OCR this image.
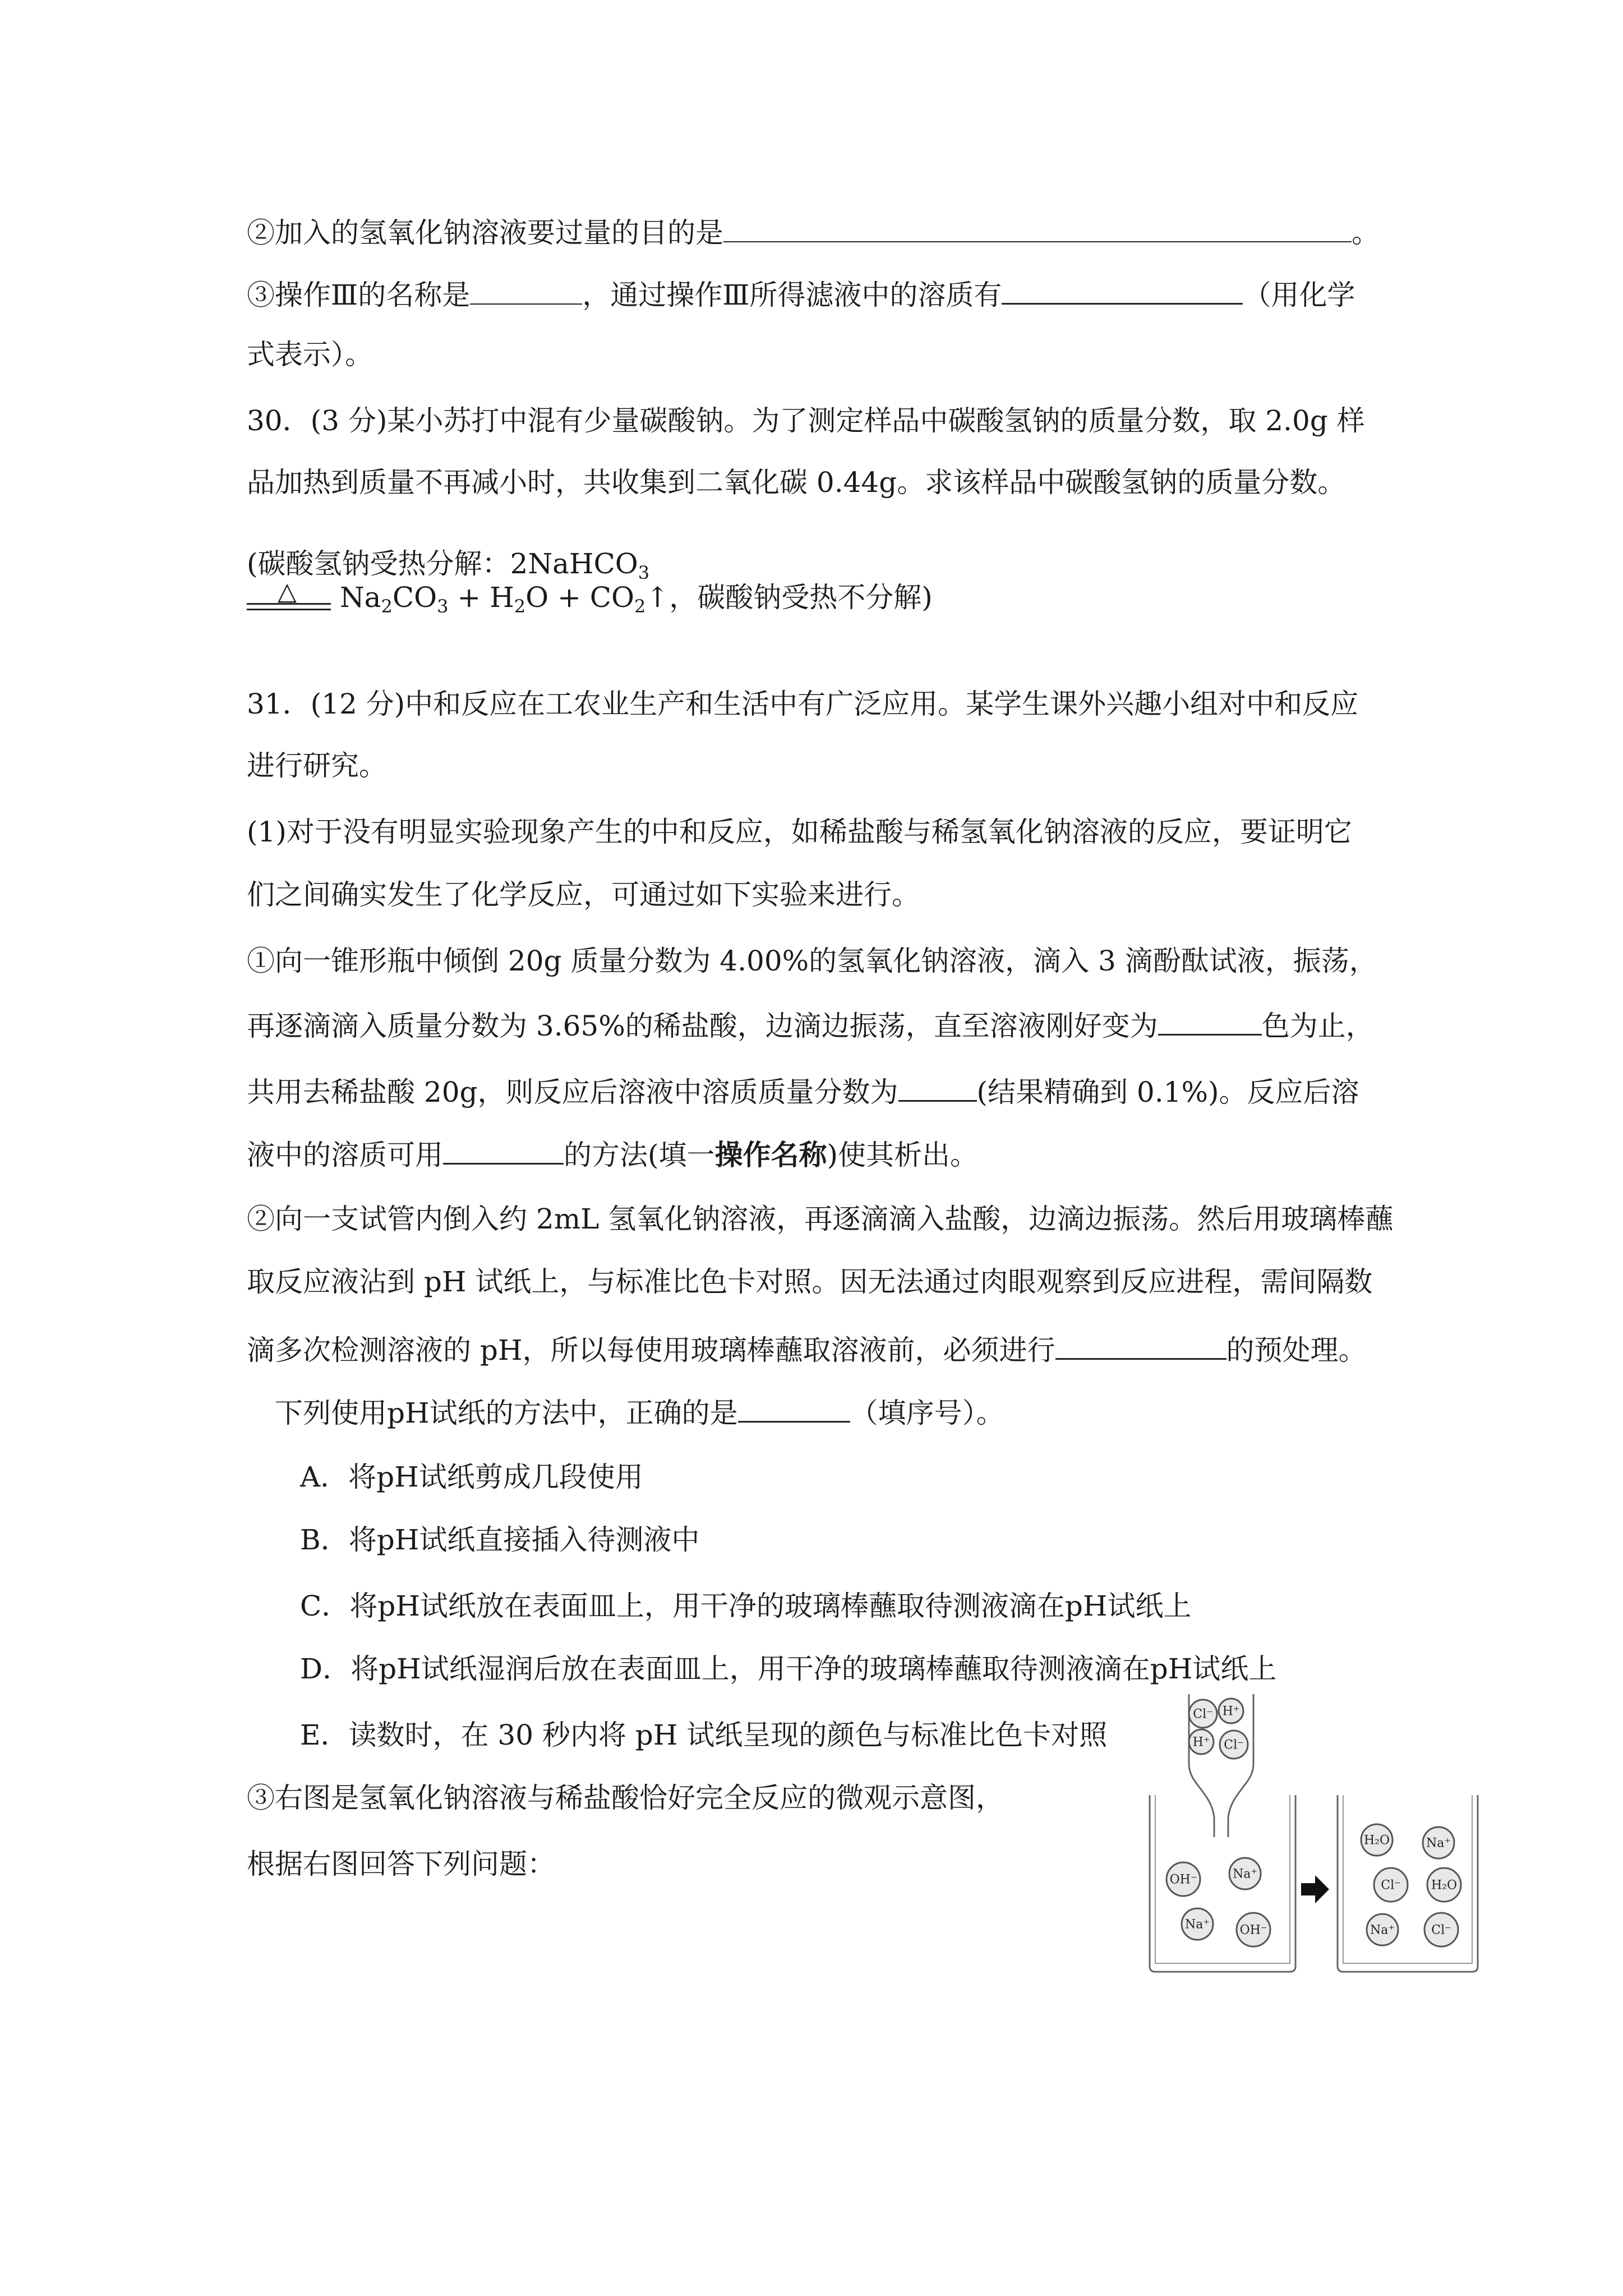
②加入的氢氧化钠溶液要过量的目的是	。
③操作Ⅲ的名称是	，通过操作Ⅲ所得滤液中的溶质有	（用化学
式表示）。
30．(3 分)某小苏打中混有少量碳酸钠。为了测定样品中碳酸氢钠的质量分数，取 2.0g 样
品加热到质量不再减小时，共收集到二氧化碳 0.44g。求该样品中碳酸氢钠的质量分数。
(碳酸氢钠受热分解：2NaHCO$_3$

△ $Na_2CO_3 + H_2O$ + $CO_2↑$，碳酸钠受热不分解)
31．(12 分)中和反应在工农业生产和生活中有广泛应用。某学生课外兴趣小组对中和反应
进行研究。
(1)对于没有明显实验现象产生的中和反应，如稀盐酸与稀氢氧化钠溶液的反应，要证明它
们之间确实发生了化学反应，可通过如下实验来进行。
①向一锥形瓶中倾倒 20g 质量分数为 4.00%的氢氧化钠溶液，滴入 3 滴酚酞试液，振荡，
再逐滴滴入质量分数为 3.65%的稀盐酸，边滴边振荡，直至溶液刚好变为	色为止，
共用去稀盐酸 20g，则反应后溶液中溶质质量分数为	(结果精确到 0.1%)。反应后溶
液中的溶质可用	的方法(填一操作名称)使其析出。
②向一支试管内倒入约 2mL 氢氧化钠溶液，再逐滴滴入盐酸，边滴边振荡。然后用玻璃棒蘸
取反应液沾到 pH 试纸上，与标准比色卡对照。因无法通过肉眼观察到反应进程，需间隔数
滴多次检测溶液的 pH，所以每使用玻璃棒蘸取溶液前，必须进行	的预处理。
下列使用pH试纸的方法中，正确的是	（填序号）。
A．将pH试纸剪成几段使用
B．将pH试纸直接插入待测液中
C．将pH试纸放在表面皿上，用干净的玻璃棒蘸取待测液滴在pH试纸上
D．将pH试纸湿润后放在表面皿上，用干净的玻璃棒蘸取待测液滴在pH试纸上
E．读数时，在 30 秒内将 pH 试纸呈现的颜色与标准比色卡对照
③右图是氢氧化钠溶液与稀盐酸恰好完全反应的微观示意图，
根据右图回答下列问题：
Cl⁻ H⁺
H⁺ Cl⁻
OH⁻	Na⁺
Na⁺ OH⁻
H₂O	Na⁺
Cl⁻ H₂O
Na⁺	Cl⁻
